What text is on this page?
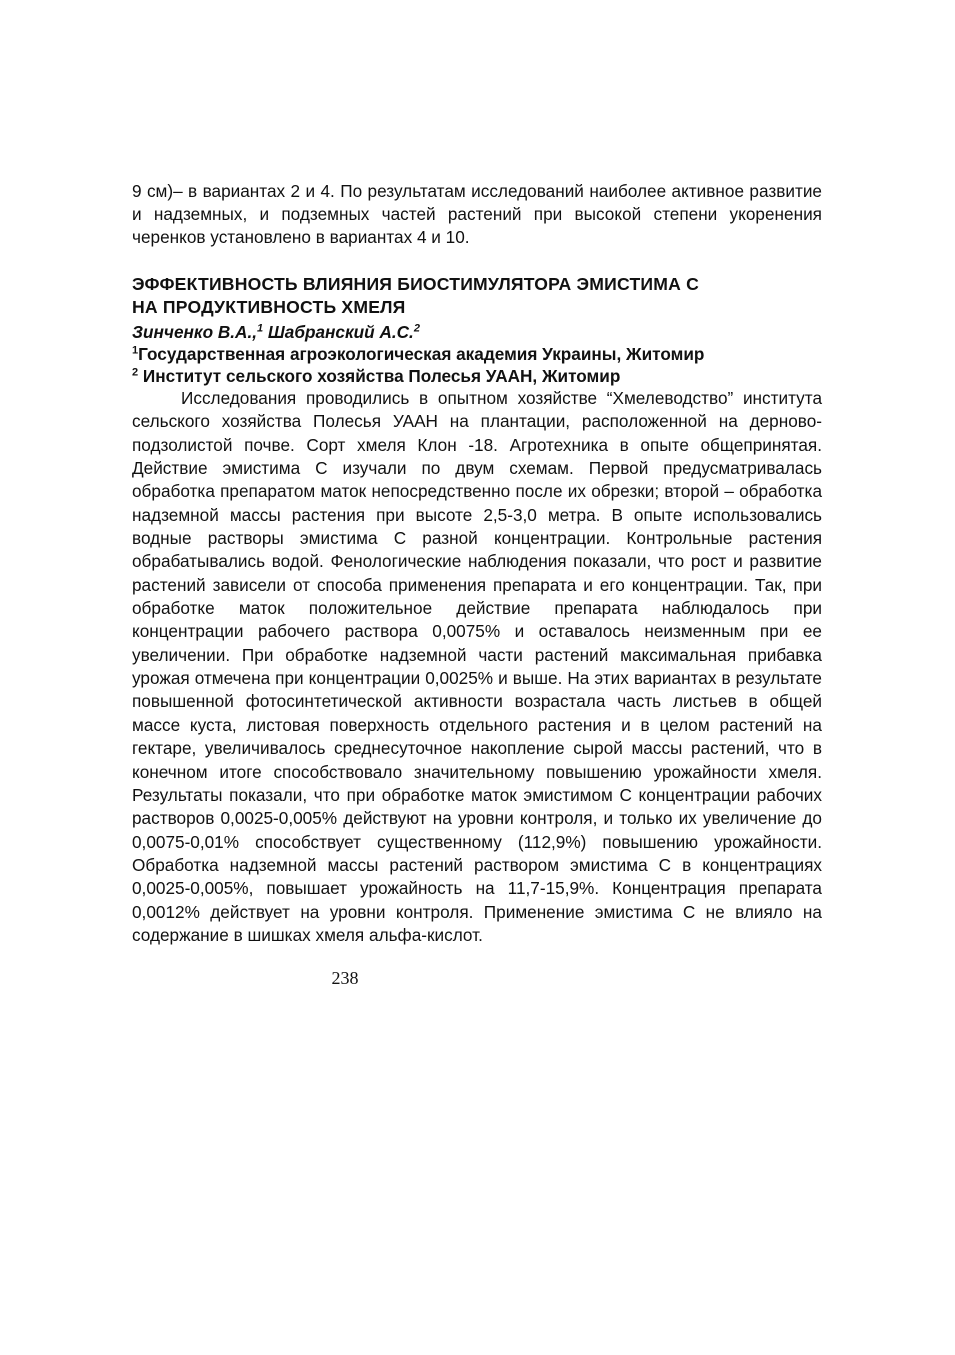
9 см)– в вариантах 2 и 4. По результатам исследований наиболее активное развитие и надземных, и подземных частей растений при высокой степени укоренения черенков установлено в вариантах 4 и 10.

ЭФФЕКТИВНОСТЬ ВЛИЯНИЯ БИОСТИМУЛЯТОРА ЭМИСТИМА С
НА ПРОДУКТИВНОСТЬ ХМЕЛЯ
Зинченко В.А.,$^1$ Шабранский А.С.$^2$
$^1$Государственная агроэкологическая академия Украины, Житомир
$^2$ Институт сельского хозяйства Полесья УААН, Житомир

Исследования проводились в опытном хозяйстве “Хмелеводство” института сельского хозяйства Полесья УААН на плантации, расположенной на дерново-подзолистой почве. Сорт хмеля Клон -18. Агротехника в опыте общепринятая. Действие эмистима С изучали по двум схемам. Первой предусматривалась обработка препаратом маток непосредственно после их обрезки; второй – обработка надземной массы растения при высоте 2,5-3,0 метра. В опыте использовались водные растворы эмистима С разной концентрации. Контрольные растения обрабатывались водой. Фенологические наблюдения показали, что рост и развитие растений зависели от способа применения препарата и его концентрации. Так, при обработке маток положительное действие препарата наблюдалось при концентрации рабочего раствора 0,0075% и оставалось неизменным при ее увеличении. При обработке надземной части растений максимальная прибавка урожая отмечена при концентрации 0,0025% и выше. На этих вариантах в результате повышенной фотосинтетической активности возрастала часть листьев в общей массе куста, листовая поверхность отдельного растения и в целом растений на гектаре, увеличивалось среднесуточное накопление сырой массы растений, что в конечном итоге способствовало значительному повышению урожайности хмеля. Результаты показали, что при обработке маток эмистимом С концентрации рабочих растворов 0,0025-0,005% действуют на уровни контроля, и только их увеличение до 0,0075-0,01% способствует существенному (112,9%) повышению урожайности. Обработка надземной массы растений раствором эмистима С в концентрациях 0,0025-0,005%, повышает урожайность на 11,7-15,9%. Концентрация препарата 0,0012% действует на уровни контроля. Применение эмистима С не влияло на содержание в шишках хмеля альфа-кислот.

238
